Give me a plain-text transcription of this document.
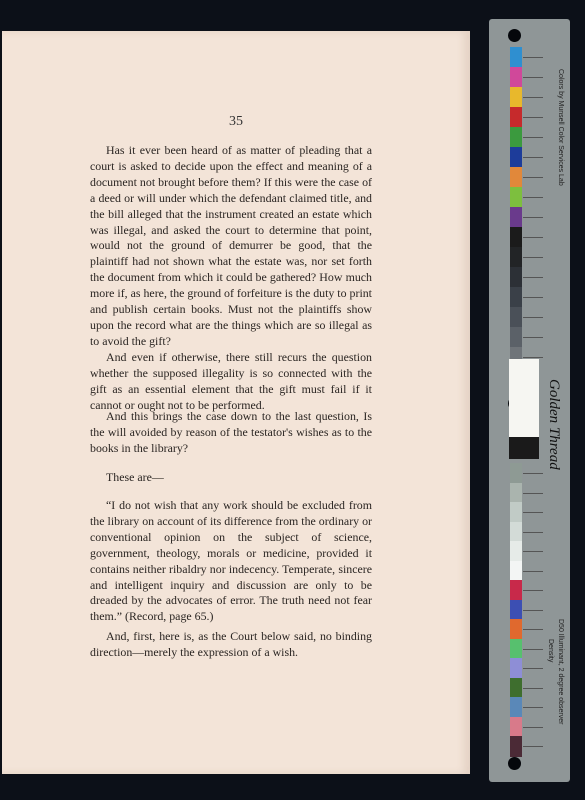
35

Has it ever been heard of as matter of pleading that a court is asked to decide upon the effect and meaning of a document not brought before them? If this were the case of a deed or will under which the defendant claimed title, and the bill alleged that the instrument created an estate which was illegal, and asked the court to determine that point, would not the ground of demurrer be good, that the plaintiff had not shown what the estate was, nor set forth the document from which it could be gathered? How much more if, as here, the ground of forfeiture is the duty to print and publish certain books. Must not the plaintiffs show upon the record what are the things which are so illegal as to avoid the gift?

And even if otherwise, there still recurs the question whether the supposed illegality is so connected with the gift as an essential element that the gift must fail if it cannot or ought not to be performed.

And this brings the case down to the last question, Is the will avoided by reason of the testator's wishes as to the books in the library?

These are—

“I do not wish that any work should be excluded from the library on account of its difference from the ordinary or conventional opinion on the subject of science, government, theology, morals or medicine, provided it contains neither ribaldry nor indecency. Temperate, sincere and intelligent inquiry and discussion are only to be dreaded by the advocates of error. The truth need not fear them.” (Record, page 65.)

And, first, here is, as the Court below said, no binding direction—merely the expression of a wish.

Colors by Munsell Color Services Lab
D50 Illuminant, 2 degree observer
Density
Golden Thread
